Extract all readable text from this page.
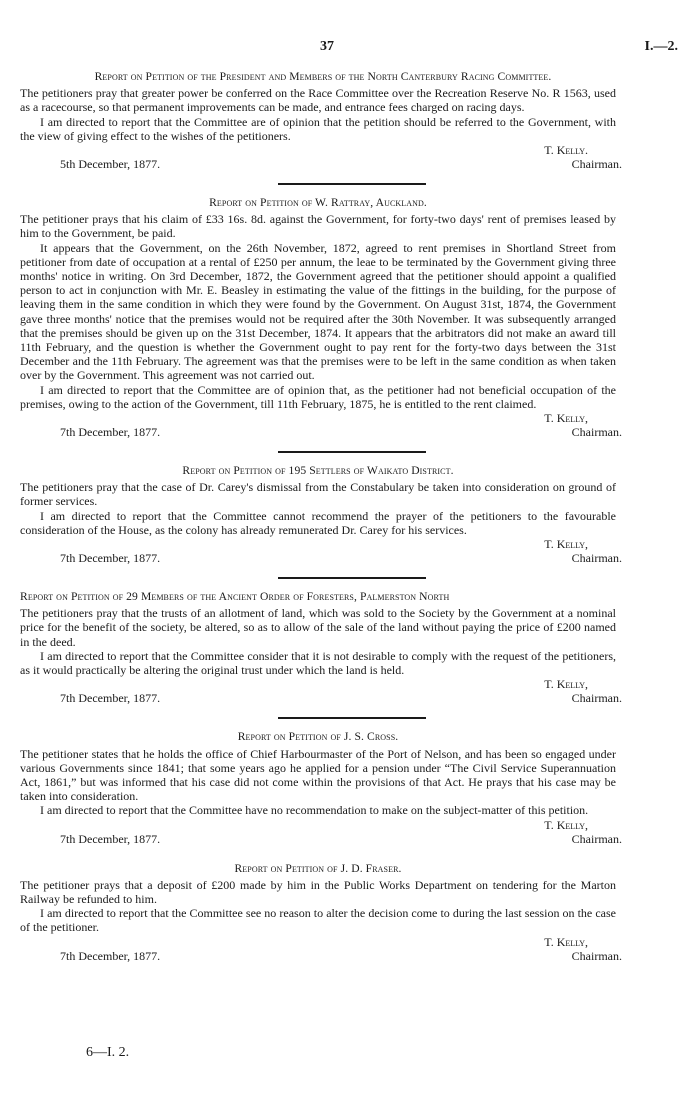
37	I.—2.
Report on Petition of the President and Members of the North Canterbury Racing Committee.

The petitioners pray that greater power be conferred on the Race Committee over the Recreation Reserve No. R 1563, used as a racecourse, so that permanent improvements can be made, and entrance fees charged on racing days.

I am directed to report that the Committee are of opinion that the petition should be referred to the Government, with the view of giving effect to the wishes of the petitioners.

T. Kelly.
5th December, 1877.	Chairman.
Report on Petition of W. Rattray, Auckland.

The petitioner prays that his claim of £33 16s. 8d. against the Government, for forty-two days' rent of premises leased by him to the Government, be paid.

It appears that the Government, on the 26th November, 1872, agreed to rent premises in Shortland Street from petitioner from date of occupation at a rental of £250 per annum, the leae to be terminated by the Government giving three months' notice in writing. On 3rd December, 1872, the Government agreed that the petitioner should appoint a qualified person to act in conjunction with Mr. E. Beasley in estimating the value of the fittings in the building, for the purpose of leaving them in the same condition in which they were found by the Government. On August 31st, 1874, the Government gave three months' notice that the premises would not be required after the 30th November. It was subsequently arranged that the premises should be given up on the 31st December, 1874. It appears that the arbitrators did not make an award till 11th February, and the question is whether the Government ought to pay rent for the forty-two days between the 31st December and the 11th February. The agreement was that the premises were to be left in the same condition as when taken over by the Government. This agreement was not carried out.

I am directed to report that the Committee are of opinion that, as the petitioner had not beneficial occupation of the premises, owing to the action of the Government, till 11th February, 1875, he is entitled to the rent claimed.

T. Kelly,
7th December, 1877.	Chairman.
Report on Petition of 195 Settlers of Waikato District.

The petitioners pray that the case of Dr. Carey's dismissal from the Constabulary be taken into consideration on ground of former services.

I am directed to report that the Committee cannot recommend the prayer of the petitioners to the favourable consideration of the House, as the colony has already remunerated Dr. Carey for his services.

T. Kelly,
7th December, 1877.	Chairman.
Report on Petition of 29 Members of the Ancient Order of Foresters, Palmerston North

The petitioners pray that the trusts of an allotment of land, which was sold to the Society by the Government at a nominal price for the benefit of the society, be altered, so as to allow of the sale of the land without paying the price of £200 named in the deed.

I am directed to report that the Committee consider that it is not desirable to comply with the request of the petitioners, as it would practically be altering the original trust under which the land is held.

T. Kelly,
7th December, 1877.	Chairman.
Report on Petition of J. S. Cross.

The petitioner states that he holds the office of Chief Harbourmaster of the Port of Nelson, and has been so engaged under various Governments since 1841; that some years ago he applied for a pension under “The Civil Service Superannuation Act, 1861,” but was informed that his case did not come within the provisions of that Act. He prays that his case may be taken into consideration.

I am directed to report that the Committee have no recommendation to make on the subject-matter of this petition.

T. Kelly,
7th December, 1877.	Chairman.
Report on Petition of J. D. Fraser.

The petitioner prays that a deposit of £200 made by him in the Public Works Department on tendering for the Marton Railway be refunded to him.

I am directed to report that the Committee see no reason to alter the decision come to during the last session on the case of the petitioner.

T. Kelly,
7th December, 1877.	Chairman.
6—I. 2.
